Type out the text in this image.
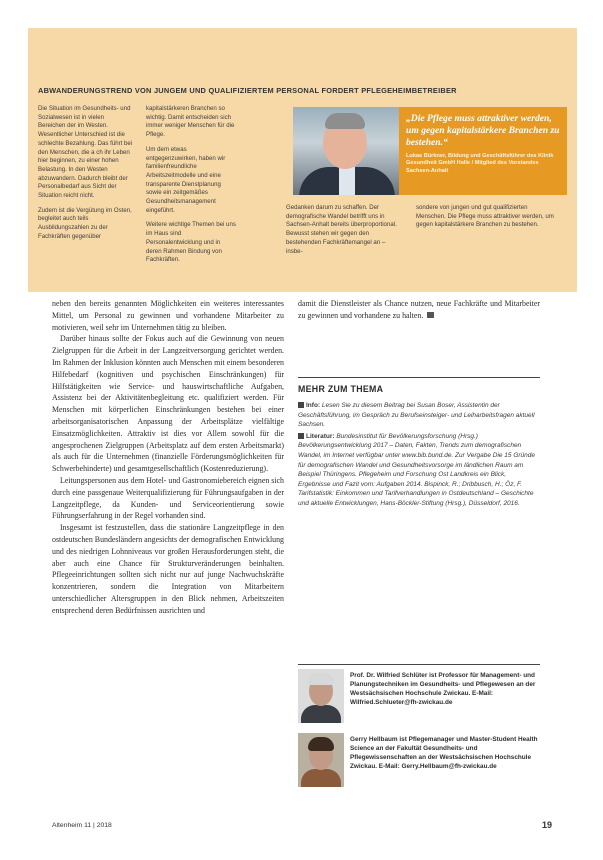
ABWANDERUNGSTREND VON JUNGEM UND QUALIFIZIERTEM PERSONAL FORDERT PFLEGEHEIMBETREIBER

Die Situation im Gesundheits- und Sozialwesen ist in vielen Bereichen der im Westen. Wesentlicher Unterschied ist die schlechte Bezahlung. Das führt bei den Menschen, die a ch ihr Leben hier beginnen, zu einer hohen Belastung. In den Westen abzuwandern. Dadurch bleibt der Personalbedarf aus Sicht der Situation reicht nicht.

Zudem ist die Vergütung im Osten, begleitet auch teils Ausbildungszahlen zu der Fachkräften gegenüber

kapitalstärkeren Branchen so wichtig. Damit entscheiden sich immer weniger Menschen für die Pflege.

Um dem etwas entgegenzuwirken, haben wir familienfreundliche Arbeitszeitmodelle und eine transparente Dienstplanung sowie ein zeitgemäßes Gesundheitsmanagement eingeführt.

Weitere wichtige Themen bei uns im Haus sind Personalentwicklung und in deren Rahmen Bindung von Fachkräften.

„Die Pflege muss attraktiver werden, um gegen kapitalstärkere Branchen zu bestehen.“
Lukas Bürkner, Bildung und Geschäftsführer des Klinik Gesundheit GmbH Halle / Mitglied des Vorstandes Sachsen-Anhalt
Gedanken darum zu schaffen. Der demografische Wandel betrifft uns in Sachsen-Anhalt bereits überproportional. Bewusst stehen wir gegen den bestehenden Fachkräftemangel an – insbe-
sondere von jungen und gut qualifizierten Menschen. Die Pflege muss attraktiver werden, um gegen kapitalstärkere Branchen zu bestehen.

neben den bereits genannten Möglichkeiten ein weiteres interessantes Mittel, um Personal zu gewinnen und vorhandene Mitarbeiter zu motivieren, weil sehr im Unternehmen tätig zu bleiben.

Darüber hinaus sollte der Fokus auch auf die Gewinnung von neuen Zielgruppen für die Arbeit in der Langzeitversorgung gerichtet werden. Im Rahmen der Inklusion könnten auch Menschen mit einem besonderen Hilfebedarf (kognitiven und psychischen Einschränkungen) für Hilfstätigkeiten wie Service- und hauswirtschaftliche Aufgaben, Assistenz bei der Aktivitätenbegleitung etc. qualifiziert werden. Für Menschen mit körperlichen Einschränkungen bestehen bei einer arbeitsorganisatorischen Anpassung der Arbeitsplätze vielfältige Einsatzmöglichkeiten. Attraktiv ist dies vor Allem sowohl für die angesprochenen Zielgruppen (Arbeitsplatz auf dem ersten Arbeitsmarkt) als auch für die Unternehmen (finanzielle Förderungsmöglichkeiten für Schwerbehinderte) und gesamtgesellschaftlich (Kostenreduzierung).

Leitungspersonen aus dem Hotel- und Gastronomiebereich eignen sich durch eine passgenaue Weiterqualifizierung für Führungsaufgaben in der Langzeitpflege, da Kunden- und Serviceorientierung sowie Führungserfahrung in der Regel vorhanden sind.

Insgesamt ist festzustellen, dass die stationäre Langzeitpflege in den ostdeutschen Bundesländern angesichts der demografischen Entwicklung und des niedrigen Lohnniveaus vor großen Herausforderungen steht, die aber auch eine Chance für Strukturveränderungen beinhalten. Pflegeeinrichtungen sollten sich nicht nur auf junge Nachwuchskräfte konzentrieren, sondern die Integration von Mitarbeitern unterschiedlicher Altersgruppen in den Blick nehmen, Arbeitszeiten entsprechend deren Bedürfnissen ausrichten und

damit die Dienstleister als Chance nutzen, neue Fachkräfte und Mitarbeiter zu gewinnen und vorhandene zu halten.

MEHR ZUM THEMA

Info: Lesen Sie zu diesem Beitrag bei Susan Boser, Assistentin der Geschäftsführung, im Gespräch zu Berufseinsteiger- und Leiharbeitsfragen aktuell Sachsen.

Literatur: Bundesinstitut für Bevölkerungsforschung (Hrsg.) Bevölkerungsentwicklung 2017 – Daten, Fakten, Trends zum demografischen Wandel, im Internet verfügbar unter www.bib.bund.de. Zur Vergabe Die 15 Gründe für demografischen Wandel und Gesundheitsvorsorge im ländlichen Raum am Beispiel Thüringens. Pflegeheim und Forschung Ost Landkreis ein Blick, Ergebnisse und Fazit vom: Aufgaben 2014. Bispinck, R.; Dribbusch, H.; Öz, F. Tarifstatistik: Einkommen und Tarifverhandlungen in Ostdeutschland – Geschichte und aktuelle Entwicklungen, Hans-Böckler-Stiftung (Hrsg.), Düsseldorf, 2016.

Prof. Dr. Wilfried Schlüter ist Professor für Management- und Planungstechniken im Gesundheits- und Pflegewesen an der Westsächsischen Hochschule Zwickau. E-Mail: Wilfried.Schlueter@fh-zwickau.de
Gerry Hellbaum ist Pflegemanager und Master-Student Health Science an der Fakultät Gesundheits- und Pflegewissenschaften an der Westsächsischen Hochschule Zwickau. E-Mail: Gerry.Hellbaum@fh-zwickau.de
Altenheim 11 | 2018	19
